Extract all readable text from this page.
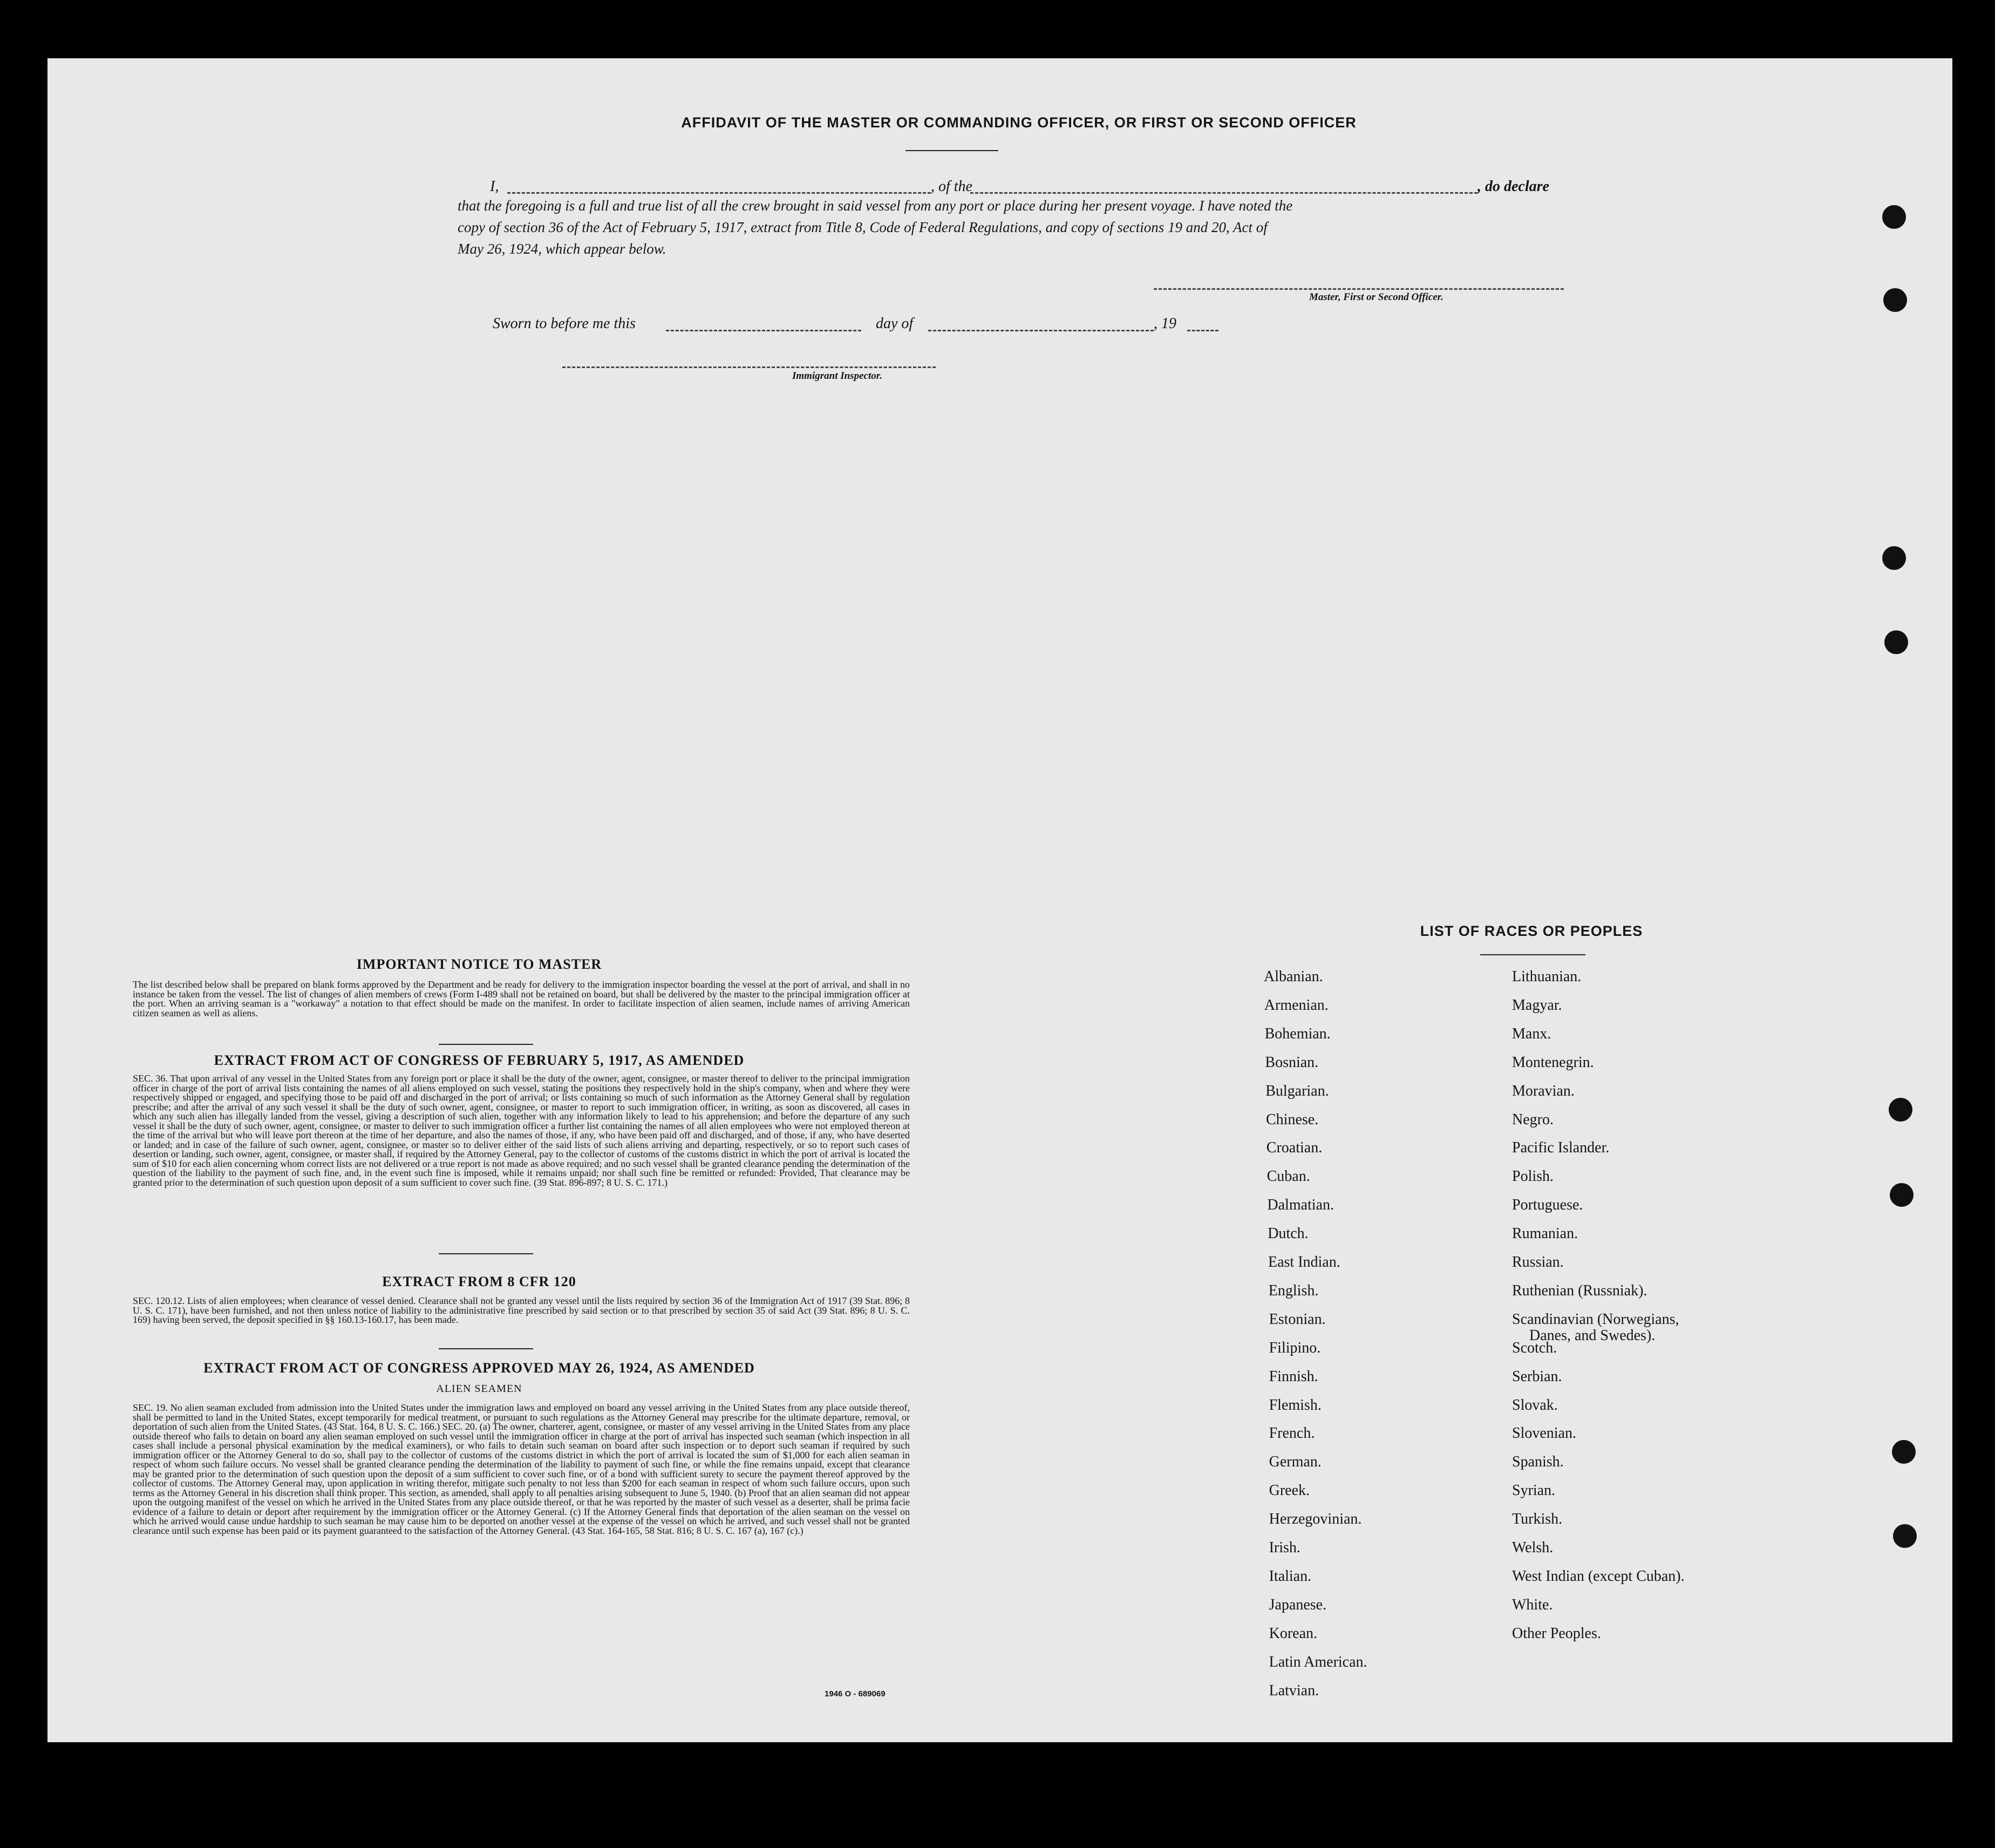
AFFIDAVIT OF THE MASTER OR COMMANDING OFFICER, OR FIRST OR SECOND OFFICER
I,	, of the	, do declare
that the foregoing is a full and true list of all the crew brought in said vessel from any port or place during her present voyage. I have noted the
copy of section 36 of the Act of February 5, 1917, extract from Title 8, Code of Federal Regulations, and copy of sections 19 and 20, Act of
May 26, 1924, which appear below.
Master, First or Second Officer.
Sworn to before me this	day of	, 19
Immigrant Inspector.
IMPORTANT NOTICE TO MASTER
The list described below shall be prepared on blank forms approved by the Department and be ready for delivery to the immigration inspector boarding the vessel at the port of arrival, and shall in no instance be taken from the vessel. The list of changes of alien members of crews (Form I-489 shall not be retained on board, but shall be delivered by the master to the principal immigration officer at the port. When an arriving seaman is a "workaway" a notation to that effect should be made on the manifest. In order to facilitate inspection of alien seamen, include names of arriving American citizen seamen as well as aliens.
EXTRACT FROM ACT OF CONGRESS OF FEBRUARY 5, 1917, AS AMENDED
SEC. 36. That upon arrival of any vessel in the United States from any foreign port or place it shall be the duty of the owner, agent, consignee, or master thereof to deliver to the principal immigration officer in charge of the port of arrival lists containing the names of all aliens employed on such vessel, stating the positions they respectively hold in the ship's company, when and where they were respectively shipped or engaged, and specifying those to be paid off and discharged in the port of arrival; or lists containing so much of such information as the Attorney General shall by regulation prescribe; and after the arrival of any such vessel it shall be the duty of such owner, agent, consignee, or master to report to such immigration officer, in writing, as soon as discovered, all cases in which any such alien has illegally landed from the vessel, giving a description of such alien, together with any information likely to lead to his apprehension; and before the departure of any such vessel it shall be the duty of such owner, agent, consignee, or master to deliver to such immigration officer a further list containing the names of all alien employees who were not employed thereon at the time of the arrival but who will leave port thereon at the time of her departure, and also the names of those, if any, who have been paid off and discharged, and of those, if any, who have deserted or landed; and in case of the failure of such owner, agent, consignee, or master so to deliver either of the said lists of such aliens arriving and departing, respectively, or so to report such cases of desertion or landing, such owner, agent, consignee, or master shall, if required by the Attorney General, pay to the collector of customs of the customs district in which the port of arrival is located the sum of $10 for each alien concerning whom correct lists are not delivered or a true report is not made as above required; and no such vessel shall be granted clearance pending the determination of the question of the liability to the payment of such fine, and, in the event such fine is imposed, while it remains unpaid; nor shall such fine be remitted or refunded: Provided, That clearance may be granted prior to the determination of such question upon deposit of a sum sufficient to cover such fine. (39 Stat. 896-897; 8 U. S. C. 171.)
EXTRACT FROM 8 CFR 120
SEC. 120.12. Lists of alien employees; when clearance of vessel denied. Clearance shall not be granted any vessel until the lists required by section 36 of the Immigration Act of 1917 (39 Stat. 896; 8 U. S. C. 171), have been furnished, and not then unless notice of liability to the administrative fine prescribed by said section or to that prescribed by section 35 of said Act (39 Stat. 896; 8 U. S. C. 169) having been served, the deposit specified in §§ 160.13-160.17, has been made.
EXTRACT FROM ACT OF CONGRESS APPROVED MAY 26, 1924, AS AMENDED
ALIEN SEAMEN
SEC. 19. No alien seaman excluded from admission into the United States under the immigration laws and employed on board any vessel arriving in the United States from any place outside thereof, shall be permitted to land in the United States, except temporarily for medical treatment, or pursuant to such regulations as the Attorney General may prescribe for the ultimate departure, removal, or deportation of such alien from the United States. (43 Stat. 164, 8 U. S. C. 166.) SEC. 20. (a) The owner, charterer, agent, consignee, or master of any vessel arriving in the United States from any place outside thereof who fails to detain on board any alien seaman employed on such vessel until the immigration officer in charge at the port of arrival has inspected such seaman (which inspection in all cases shall include a personal physical examination by the medical examiners), or who fails to detain such seaman on board after such inspection or to deport such seaman if required by such immigration officer or the Attorney General to do so, shall pay to the collector of customs of the customs district in which the port of arrival is located the sum of $1,000 for each alien seaman in respect of whom such failure occurs. No vessel shall be granted clearance pending the determination of the liability to payment of such fine, or while the fine remains unpaid, except that clearance may be granted prior to the determination of such question upon the deposit of a sum sufficient to cover such fine, or of a bond with sufficient surety to secure the payment thereof approved by the collector of customs. The Attorney General may, upon application in writing therefor, mitigate such penalty to not less than $200 for each seaman in respect of whom such failure occurs, upon such terms as the Attorney General in his discretion shall think proper. This section, as amended, shall apply to all penalties arising subsequent to June 5, 1940. (b) Proof that an alien seaman did not appear upon the outgoing manifest of the vessel on which he arrived in the United States from any place outside thereof, or that he was reported by the master of such vessel as a deserter, shall be prima facie evidence of a failure to detain or deport after requirement by the immigration officer or the Attorney General. (c) If the Attorney General finds that deportation of the alien seaman on the vessel on which he arrived would cause undue hardship to such seaman he may cause him to be deported on another vessel at the expense of the vessel on which he arrived, and such vessel shall not be granted clearance until such expense has been paid or its payment guaranteed to the satisfaction of the Attorney General. (43 Stat. 164-165, 58 Stat. 816; 8 U. S. C. 167 (a), 167 (c).)
1946 O - 689069
LIST OF RACES OR PEOPLES
Albanian.
Armenian.
Bohemian.
Bosnian.
Bulgarian.
Chinese.
Croatian.
Cuban.
Dalmatian.
Dutch.
East Indian.
English.
Estonian.
Filipino.
Finnish.
Flemish.
French.
German.
Greek.
Herzegovinian.
Irish.
Italian.
Japanese.
Korean.
Latin American.
Latvian.
Lithuanian.
Magyar.
Manx.
Montenegrin.
Moravian.
Negro.
Pacific Islander.
Polish.
Portuguese.
Rumanian.
Russian.
Ruthenian (Russniak).
Scandinavian (Norwegians,
Danes, and Swedes).
Scotch.
Serbian.
Slovak.
Slovenian.
Spanish.
Syrian.
Turkish.
Welsh.
West Indian (except Cuban).
White.
Other Peoples.
